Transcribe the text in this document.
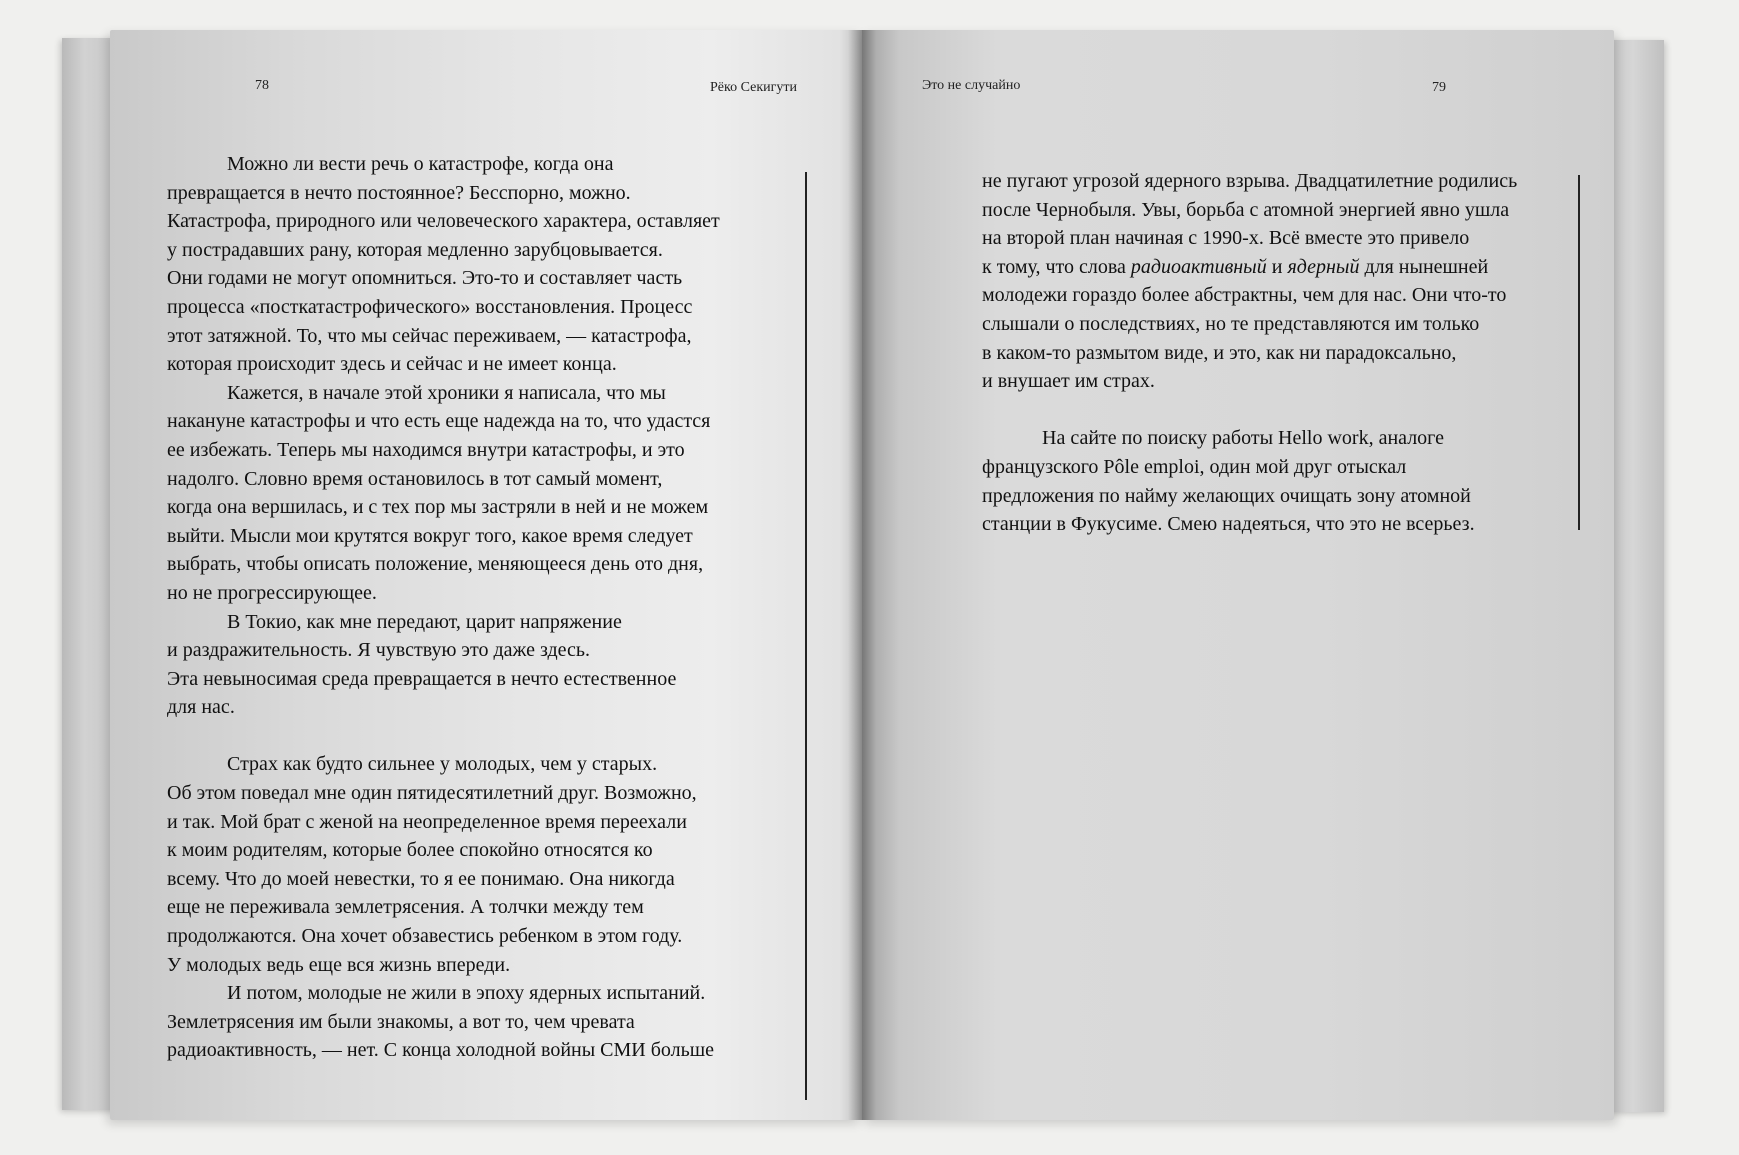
78	Рёко Секигути

Можно ли вести речь о катастрофе, когда она
превращается в нечто постоянное? Бесспорно, можно.
Катастрофа, природного или человеческого характера, оставляет
у пострадавших рану, которая медленно зарубцовывается.
Они годами не могут опомниться. Это-то и составляет часть
процесса «посткатастрофического» восстановления. Процесс
этот затяжной. То, что мы сейчас переживаем, — катастрофа,
которая происходит здесь и сейчас и не имеет конца.

Кажется, в начале этой хроники я написала, что мы
накануне катастрофы и что есть еще надежда на то, что удастся
ее избежать. Теперь мы находимся внутри катастрофы, и это
надолго. Словно время остановилось в тот самый момент,
когда она вершилась, и с тех пор мы застряли в ней и не можем
выйти. Мысли мои крутятся вокруг того, какое время следует
выбрать, чтобы описать положение, меняющееся день ото дня,
но не прогрессирующее.

В Токио, как мне передают, царит напряжение
и раздражительность. Я чувствую это даже здесь.
Эта невыносимая среда превращается в нечто естественное
для нас.

Страх как будто сильнее у молодых, чем у старых.
Об этом поведал мне один пятидесятилетний друг. Возможно,
и так. Мой брат с женой на неопределенное время переехали
к моим родителям, которые более спокойно относятся ко
всему. Что до моей невестки, то я ее понимаю. Она никогда
еще не переживала землетрясения. А толчки между тем
продолжаются. Она хочет обзавестись ребенком в этом году.
У молодых ведь еще вся жизнь впереди.

И потом, молодые не жили в эпоху ядерных испытаний.
Землетрясения им были знакомы, а вот то, чем чревата
радиоактивность, — нет. С конца холодной войны СМИ больше

Это не случайно	79

не пугают угрозой ядерного взрыва. Двадцатилетние родились
после Чернобыля. Увы, борьба с атомной энергией явно ушла
на второй план начиная с 1990-х. Всё вместе это привело
к тому, что слова радиоактивный и ядерный для нынешней
молодежи гораздо более абстрактны, чем для нас. Они что-то
слышали о последствиях, но те представляются им только
в каком-то размытом виде, и это, как ни парадоксально,
и внушает им страх.

На сайте по поиску работы Hello work, аналоге
французского Pôle emploi, один мой друг отыскал
предложения по найму желающих очищать зону атомной
станции в Фукусиме. Смею надеяться, что это не всерьез.
